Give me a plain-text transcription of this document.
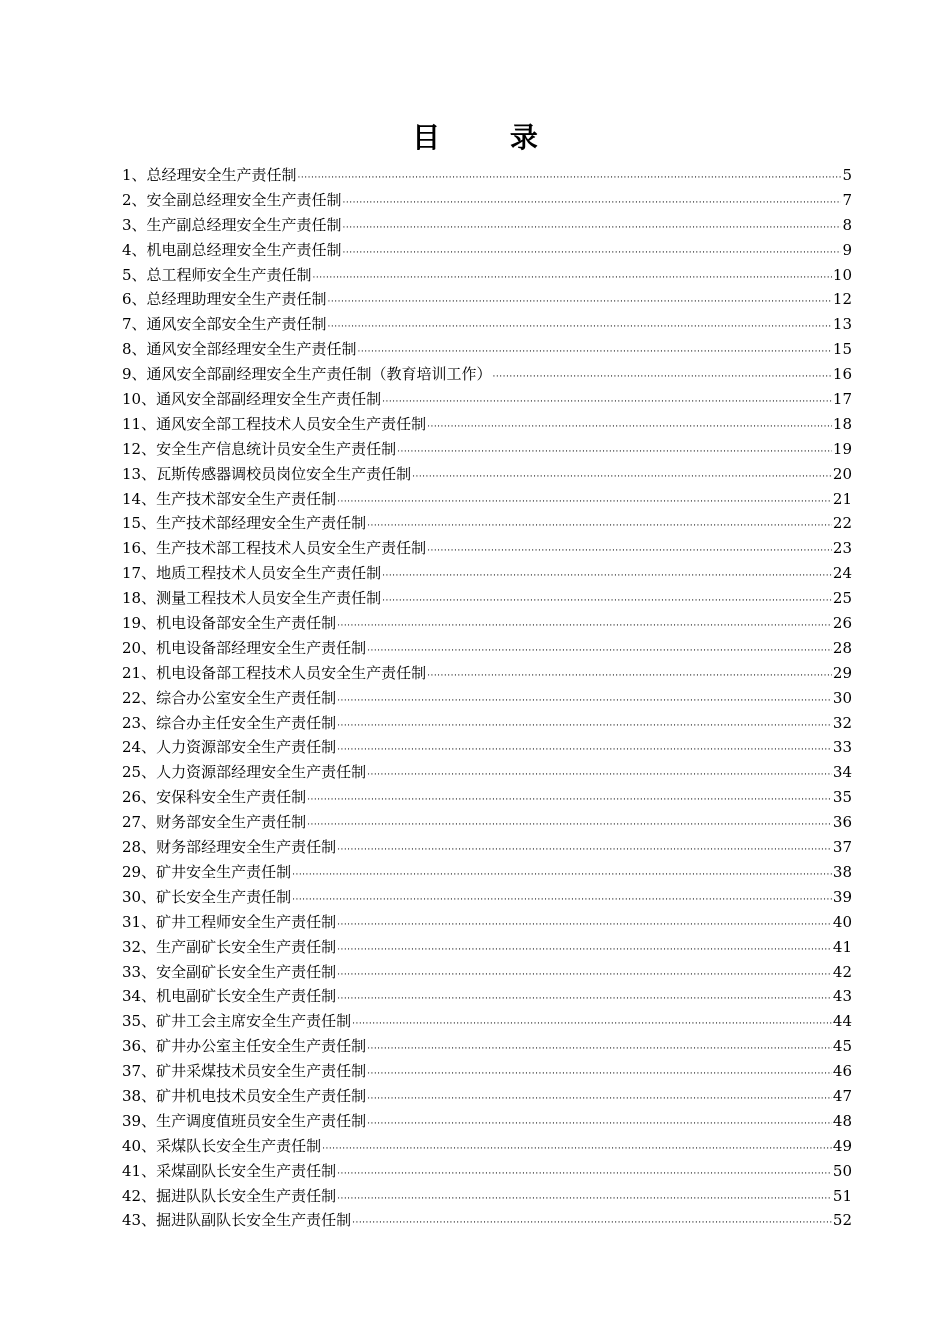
目 录
1、总经理安全生产责任制 ·····	5
2、安全副总经理安全生产责任制 ·····	7
3、生产副总经理安全生产责任制 ·····	8
4、机电副总经理安全生产责任制 ·····	9
5、总工程师安全生产责任制 ·····	10
6、总经理助理安全生产责任制 ·····	12
7、通风安全部安全生产责任制 ·····	13
8、通风安全部经理安全生产责任制 ·····	15
9、通风安全部副经理安全生产责任制（教育培训工作） ·····	16
10、通风安全部副经理安全生产责任制 ·····	17
11、通风安全部工程技术人员安全生产责任制 ·····	18
12、安全生产信息统计员安全生产责任制 ·····	19
13、瓦斯传感器调校员岗位安全生产责任制 ·····	20
14、生产技术部安全生产责任制 ·····	21
15、生产技术部经理安全生产责任制 ·····	22
16、生产技术部工程技术人员安全生产责任制 ·····	23
17、地质工程技术人员安全生产责任制 ·····	24
18、测量工程技术人员安全生产责任制 ·····	25
19、机电设备部安全生产责任制 ·····	26
20、机电设备部经理安全生产责任制 ·····	28
21、机电设备部工程技术人员安全生产责任制 ·····	29
22、综合办公室安全生产责任制 ·····	30
23、综合办主任安全生产责任制 ·····	32
24、人力资源部安全生产责任制 ·····	33
25、人力资源部经理安全生产责任制 ·····	34
26、安保科安全生产责任制 ·····	35
27、财务部安全生产责任制 ·····	36
28、财务部经理安全生产责任制 ·····	37
29、矿井安全生产责任制 ·····	38
30、矿长安全生产责任制 ·····	39
31、矿井工程师安全生产责任制 ·····	40
32、生产副矿长安全生产责任制 ·····	41
33、安全副矿长安全生产责任制 ·····	42
34、机电副矿长安全生产责任制 ·····	43
35、矿井工会主席安全生产责任制 ·····	44
36、矿井办公室主任安全生产责任制 ·····	45
37、矿井采煤技术员安全生产责任制 ·····	46
38、矿井机电技术员安全生产责任制 ·····	47
39、生产调度值班员安全生产责任制 ·····	48
40、采煤队长安全生产责任制 ·····	49
41、采煤副队长安全生产责任制 ·····	50
42、掘进队队长安全生产责任制 ·····	51
43、掘进队副队长安全生产责任制 ·····	52
